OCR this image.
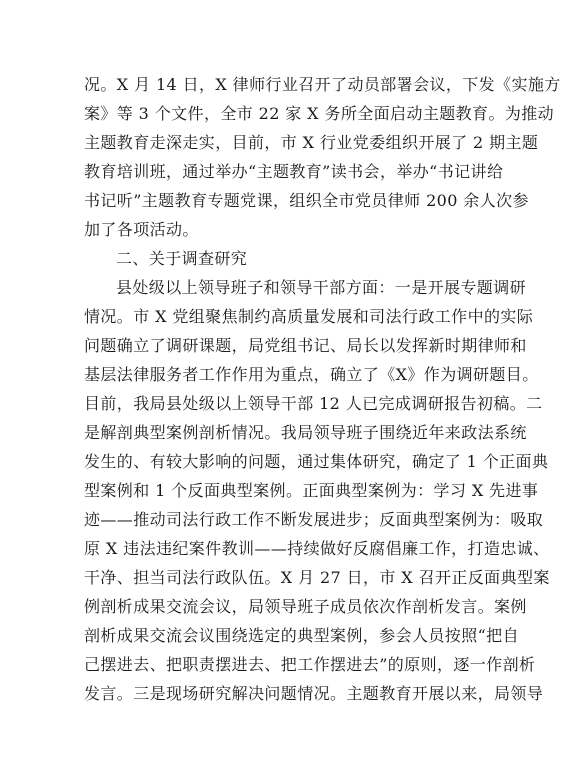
况。X 月 14 日，X 律师行业召开了动员部署会议，下发《实施方
案》等 3 个文件，全市 22 家 X 务所全面启动主题教育。为推动
主题教育走深走实，目前，市 X 行业党委组织开展了 2 期主题
教育培训班，通过举办“主题教育”读书会，举办“书记讲给
书记听”主题教育专题党课，组织全市党员律师 200 余人次参
加了各项活动。
二、关于调查研究
县处级以上领导班子和领导干部方面：一是开展专题调研
情况。市 X 党组聚焦制约高质量发展和司法行政工作中的实际
问题确立了调研课题，局党组书记、局长以发挥新时期律师和
基层法律服务者工作作用为重点，确立了《X》作为调研题目。
目前，我局县处级以上领导干部 12 人已完成调研报告初稿。二
是解剖典型案例剖析情况。我局领导班子围绕近年来政法系统
发生的、有较大影响的问题，通过集体研究，确定了 1 个正面典
型案例和 1 个反面典型案例。正面典型案例为：学习 X 先进事
迹——推动司法行政工作不断发展进步；反面典型案例为：吸取
原 X 违法违纪案件教训——持续做好反腐倡廉工作，打造忠诚、
干净、担当司法行政队伍。X 月 27 日，市 X 召开正反面典型案
例剖析成果交流会议，局领导班子成员依次作剖析发言。案例
剖析成果交流会议围绕选定的典型案例，参会人员按照“把自
己摆进去、把职责摆进去、把工作摆进去”的原则，逐一作剖析
发言。三是现场研究解决问题情况。主题教育开展以来，局领导
